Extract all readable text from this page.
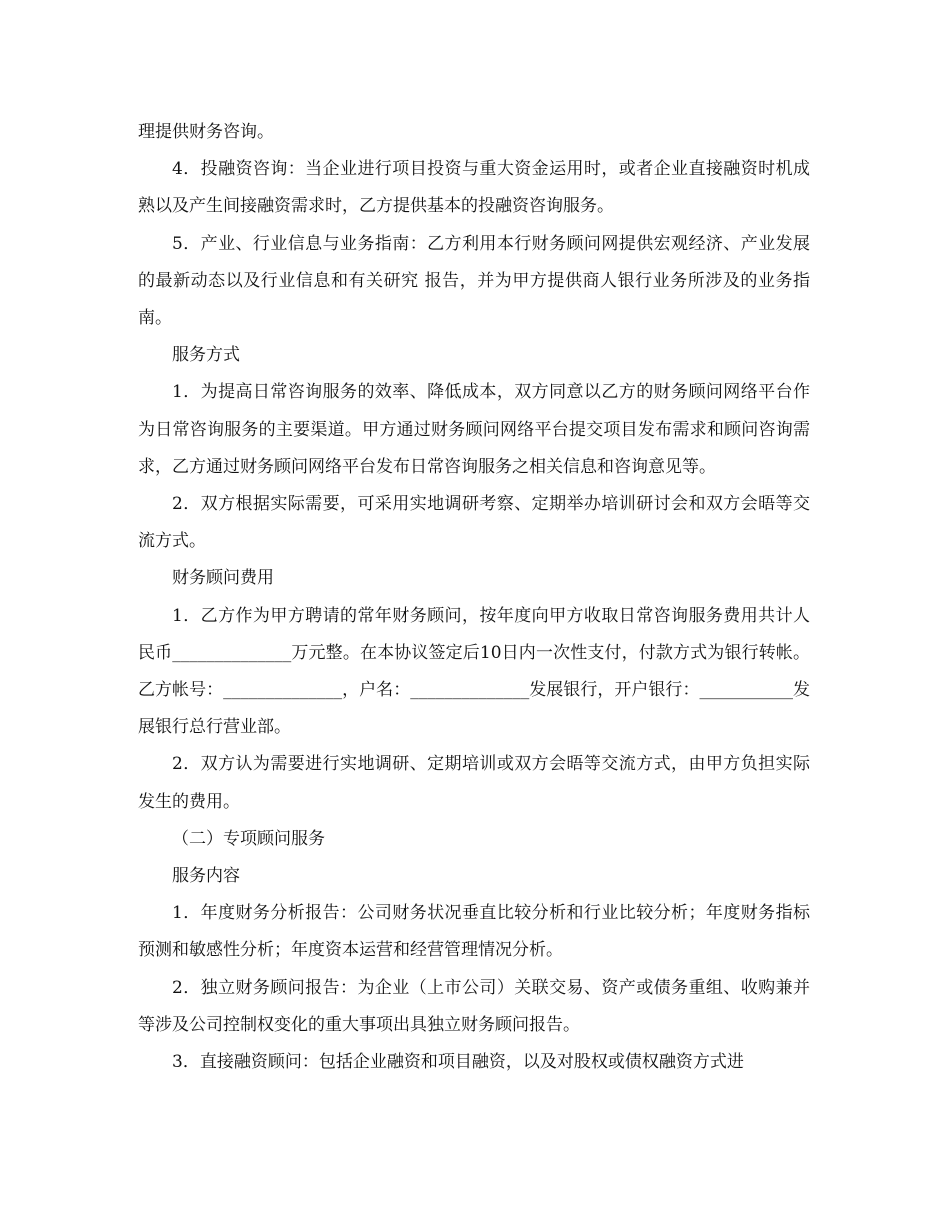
理提供财务咨询。

4．投融资咨询：当企业进行项目投资与重大资金运用时，或者企业直接融资时机成熟以及产生间接融资需求时，乙方提供基本的投融资咨询服务。

5．产业、行业信息与业务指南：乙方利用本行财务顾问网提供宏观经济、产业发展的最新动态以及行业信息和有关研究 报告，并为甲方提供商人银行业务所涉及的业务指南。

服务方式

1．为提高日常咨询服务的效率、降低成本，双方同意以乙方的财务顾问网络平台作为日常咨询服务的主要渠道。甲方通过财务顾问网络平台提交项目发布需求和顾问咨询需求，乙方通过财务顾问网络平台发布日常咨询服务之相关信息和咨询意见等。

2．双方根据实际需要，可采用实地调研考察、定期举办培训研讨会和双方会晤等交流方式。

财务顾问费用

1．乙方作为甲方聘请的常年财务顾问，按年度向甲方收取日常咨询服务费用共计人民币______________万元整。在本协议签定后10日内一次性支付，付款方式为银行转帐。乙方帐号：______________，户名：______________发展银行，开户银行：___________发展银行总行营业部。

2．双方认为需要进行实地调研、定期培训或双方会晤等交流方式，由甲方负担实际发生的费用。

（二）专项顾问服务

服务内容

1．年度财务分析报告：公司财务状况垂直比较分析和行业比较分析；年度财务指标预测和敏感性分析；年度资本运营和经营管理情况分析。

2．独立财务顾问报告：为企业（上市公司）关联交易、资产或债务重组、收购兼并等涉及公司控制权变化的重大事项出具独立财务顾问报告。

3．直接融资顾问：包括企业融资和项目融资，以及对股权或债权融资方式进
